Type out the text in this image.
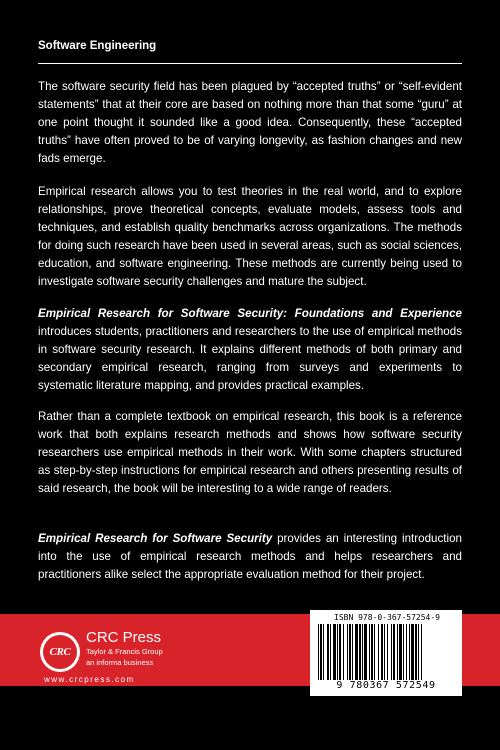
Software Engineering
The software security field has been plagued by “accepted truths” or “self-evident statements” that at their core are based on nothing more than that some “guru” at one point thought it sounded like a good idea. Consequently, these “accepted truths” have often proved to be of varying longevity, as fashion changes and new fads emerge.
Empirical research allows you to test theories in the real world, and to explore relationships, prove theoretical concepts, evaluate models, assess tools and techniques, and establish quality benchmarks across organizations. The methods for doing such research have been used in several areas, such as social sciences, education, and software engineering. These methods are currently being used to investigate software security challenges and mature the subject.
Empirical Research for Software Security: Foundations and Experience introduces students, practitioners and researchers to the use of empirical methods in software security research. It explains different methods of both primary and secondary empirical research, ranging from surveys and experiments to systematic literature mapping, and provides practical examples.
Rather than a complete textbook on empirical research, this book is a reference work that both explains research methods and shows how software security researchers use empirical methods in their work. With some chapters structured as step-by-step instructions for empirical research and others presenting results of said research, the book will be interesting to a wide range of readers.
Empirical Research for Software Security provides an interesting introduction into the use of empirical research methods and helps researchers and practitioners alike select the appropriate evaluation method for their project.
CRC
CRC Press
Taylor & Francis Group
an informa business
www.crcpress.com
ISBN 978-0-367-57254-9
9 780367 572549
